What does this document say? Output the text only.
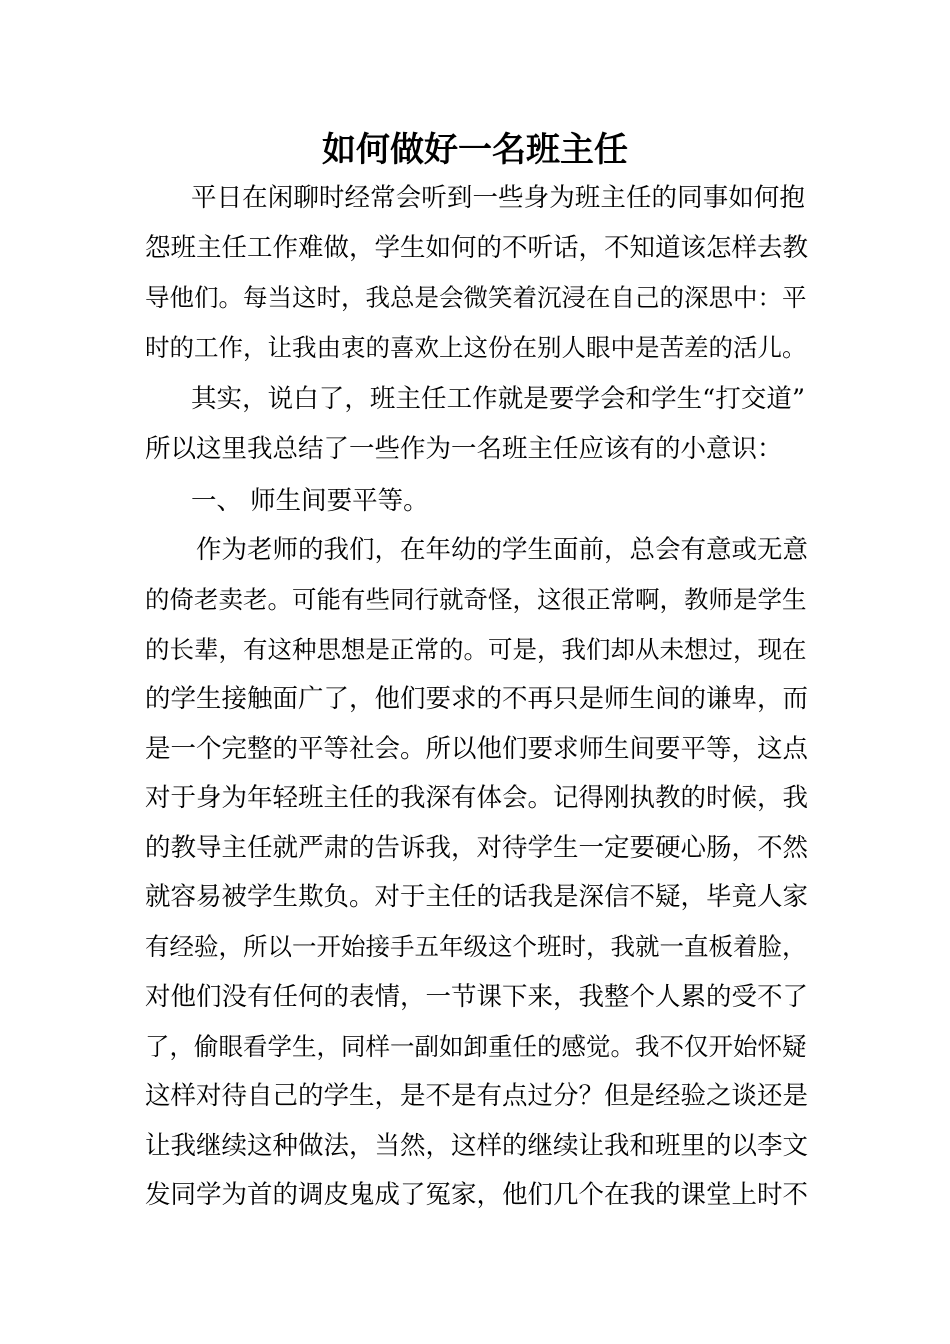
如何做好一名班主任
平日在闲聊时经常会听到一些身为班主任的同事如何抱
怨班主任工作难做，学生如何的不听话，不知道该怎样去教
导他们。每当这时，我总是会微笑着沉浸在自己的深思中：平
时的工作，让我由衷的喜欢上这份在别人眼中是苦差的活儿。
其实，说白了，班主任工作就是要学会和学生“打交道”
所以这里我总结了一些作为一名班主任应该有的小意识：
一、 师生间要平等。
作为老师的我们，在年幼的学生面前，总会有意或无意
的倚老卖老。可能有些同行就奇怪，这很正常啊，教师是学生
的长辈，有这种思想是正常的。可是，我们却从未想过，现在
的学生接触面广了，他们要求的不再只是师生间的谦卑，而
是一个完整的平等社会。所以他们要求师生间要平等，这点
对于身为年轻班主任的我深有体会。记得刚执教的时候，我
的教导主任就严肃的告诉我，对待学生一定要硬心肠，不然
就容易被学生欺负。对于主任的话我是深信不疑，毕竟人家
有经验，所以一开始接手五年级这个班时，我就一直板着脸，
对他们没有任何的表情，一节课下来，我整个人累的受不了
了，偷眼看学生，同样一副如卸重任的感觉。我不仅开始怀疑
这样对待自己的学生，是不是有点过分？但是经验之谈还是
让我继续这种做法，当然，这样的继续让我和班里的以李文
发同学为首的调皮鬼成了冤家，他们几个在我的课堂上时不
